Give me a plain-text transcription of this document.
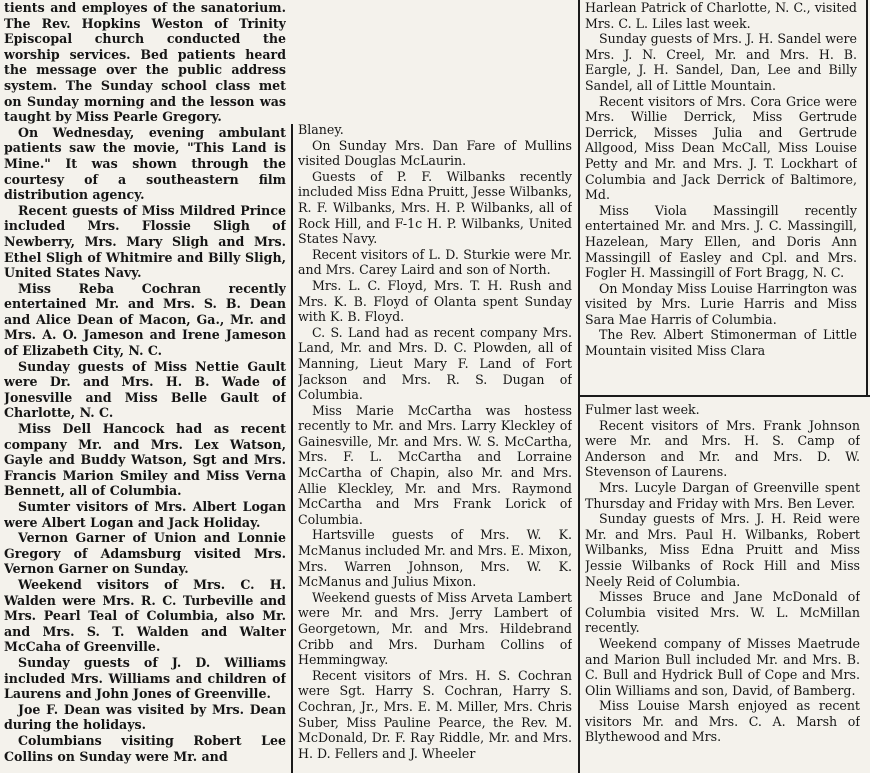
tients and employes of the sanatorium. The Rev. Hopkins Weston of Trinity Episcopal church conducted the worship services. Bed patients heard the message over the public address system. The Sunday school class met on Sunday morning and the lesson was taught by Miss Pearle Gregory.

On Wednesday, evening ambulant patients saw the movie, "This Land is Mine." It was shown through the courtesy of a southeastern film distribution agency.

Recent guests of Miss Mildred Prince included Mrs. Flossie Sligh of Newberry, Mrs. Mary Sligh and Mrs. Ethel Sligh of Whitmire and Billy Sligh, United States Navy.

Miss Reba Cochran recently entertained Mr. and Mrs. S. B. Dean and Alice Dean of Macon, Ga., Mr. and Mrs. A. O. Jameson and Irene Jameson of Elizabeth City, N. C.

Sunday guests of Miss Nettie Gault were Dr. and Mrs. H. B. Wade of Jonesville and Miss Belle Gault of Charlotte, N. C.

Miss Dell Hancock had as recent company Mr. and Mrs. Lex Watson, Gayle and Buddy Watson, Sgt and Mrs. Francis Marion Smiley and Miss Verna Bennett, all of Columbia.

Sumter visitors of Mrs. Albert Logan were Albert Logan and Jack Holiday.

Vernon Garner of Union and Lonnie Gregory of Adamsburg visited Mrs. Vernon Garner on Sunday.

Weekend visitors of Mrs. C. H. Walden were Mrs. R. C. Turbeville and Mrs. Pearl Teal of Columbia, also Mr. and Mrs. S. T. Walden and Walter McCaha of Greenville.

Sunday guests of J. D. Williams included Mrs. Williams and children of Laurens and John Jones of Greenville.

Joe F. Dean was visited by Mrs. Dean during the holidays.

Columbians visiting Robert Lee Collins on Sunday were Mr. and

Blaney.

On Sunday Mrs. Dan Fare of Mullins visited Douglas McLaurin.

Guests of P. F. Wilbanks recently included Miss Edna Pruitt, Jesse Wilbanks, R. F. Wilbanks, Mrs. H. P. Wilbanks, all of Rock Hill, and F-1c H. P. Wilbanks, United States Navy.

Recent visitors of L. D. Sturkie were Mr. and Mrs. Carey Laird and son of North.

Mrs. L. C. Floyd, Mrs. T. H. Rush and Mrs. K. B. Floyd of Olanta spent Sunday with K. B. Floyd.

C. S. Land had as recent company Mrs. Land, Mr. and Mrs. D. C. Plowden, all of Manning, Lieut Mary F. Land of Fort Jackson and Mrs. R. S. Dugan of Columbia.

Miss Marie McCartha was hostess recently to Mr. and Mrs. Larry Kleckley of Gainesville, Mr. and Mrs. W. S. McCartha, Mrs. F. L. McCartha and Lorraine McCartha of Chapin, also Mr. and Mrs. Allie Kleckley, Mr. and Mrs. Raymond McCartha and Mrs Frank Lorick of Columbia.

Hartsville guests of Mrs. W. K. McManus included Mr. and Mrs. E. Mixon, Mrs. Warren Johnson, Mrs. W. K. McManus and Julius Mixon.

Weekend guests of Miss Arveta Lambert were Mr. and Mrs. Jerry Lambert of Georgetown, Mr. and Mrs. Hildebrand Cribb and Mrs. Durham Collins of Hemmingway.

Recent visitors of Mrs. H. S. Cochran were Sgt. Harry S. Cochran, Harry S. Cochran, Jr., Mrs. E. M. Miller, Mrs. Chris Suber, Miss Pauline Pearce, the Rev. M. McDonald, Dr. F. Ray Riddle, Mr. and Mrs. H. D. Fellers and J. Wheeler

Harlean Patrick of Charlotte, N. C., visited Mrs. C. L. Liles last week.

Sunday guests of Mrs. J. H. Sandel were Mrs. J. N. Creel, Mr. and Mrs. H. B. Eargle, J. H. Sandel, Dan, Lee and Billy Sandel, all of Little Mountain.

Recent visitors of Mrs. Cora Grice were Mrs. Willie Derrick, Miss Gertrude Derrick, Misses Julia and Gertrude Allgood, Miss Dean McCall, Miss Louise Petty and Mr. and Mrs. J. T. Lockhart of Columbia and Jack Derrick of Baltimore, Md.

Miss Viola Massingill recently entertained Mr. and Mrs. J. C. Massingill, Hazelean, Mary Ellen, and Doris Ann Massingill of Easley and Cpl. and Mrs. Fogler H. Massingill of Fort Bragg, N. C.

On Monday Miss Louise Harrington was visited by Mrs. Lurie Harris and Miss Sara Mae Harris of Columbia.

The Rev. Albert Stimonerman of Little Mountain visited Miss Clara

Fulmer last week.

Recent visitors of Mrs. Frank Johnson were Mr. and Mrs. H. S. Camp of Anderson and Mr. and Mrs. D. W. Stevenson of Laurens.

Mrs. Lucyle Dargan of Greenville spent Thursday and Friday with Mrs. Ben Lever.

Sunday guests of Mrs. J. H. Reid were Mr. and Mrs. Paul H. Wilbanks, Robert Wilbanks, Miss Edna Pruitt and Miss Jessie Wilbanks of Rock Hill and Miss Neely Reid of Columbia.

Misses Bruce and Jane McDonald of Columbia visited Mrs. W. L. McMillan recently.

Weekend company of Misses Maetrude and Marion Bull included Mr. and Mrs. B. C. Bull and Hydrick Bull of Cope and Mrs. Olin Williams and son, David, of Bamberg.

Miss Louise Marsh enjoyed as recent visitors Mr. and Mrs. C. A. Marsh of Blythewood and Mrs.
